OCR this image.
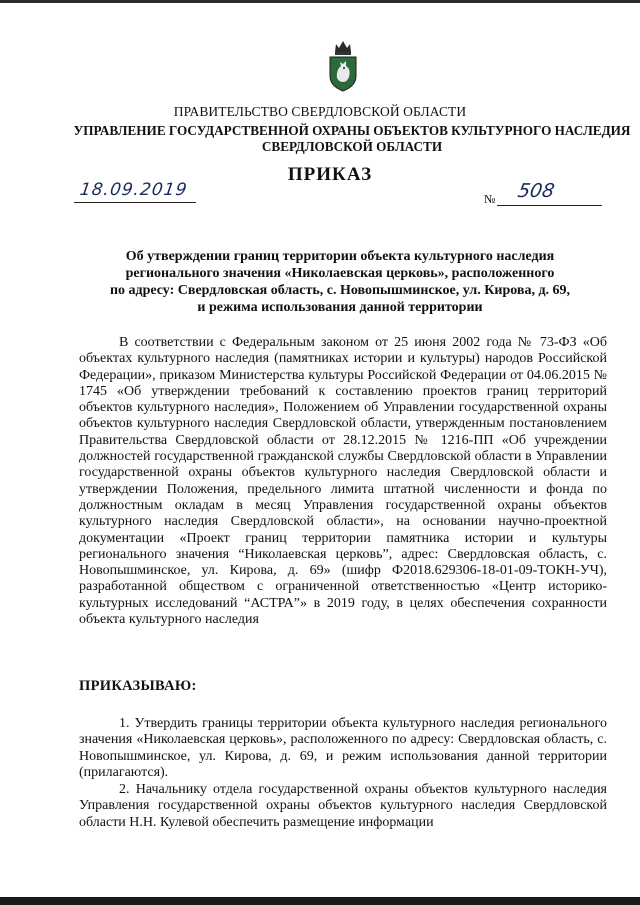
ПРАВИТЕЛЬСТВО СВЕРДЛОВСКОЙ ОБЛАСТИ
УПРАВЛЕНИЕ ГОСУДАРСТВЕННОЙ ОХРАНЫ ОБЪЕКТОВ КУЛЬТУРНОГО НАСЛЕДИЯ СВЕРДЛОВСКОЙ ОБЛАСТИ
ПРИКАЗ
18.09.2019	№ 508
Об утверждении границ территории объекта культурного наследия
регионального значения «Николаевская церковь», расположенного
по адресу: Свердловская область, с. Новопышминское, ул. Кирова, д. 69,
и режима использования данной территории
В соответствии с Федеральным законом от 25 июня 2002 года № 73-ФЗ «Об объектах культурного наследия (памятниках истории и культуры) народов Российской Федерации», приказом Министерства культуры Российской Федерации от 04.06.2015 № 1745 «Об утверждении требований к составлению проектов границ территорий объектов культурного наследия», Положением об Управлении государственной охраны объектов культурного наследия Свердловской области, утвержденным постановлением Правительства Свердловской области от 28.12.2015 № 1216-ПП «Об учреждении должностей государственной гражданской службы Свердловской области в Управлении государственной охраны объектов культурного наследия Свердловской области и утверждении Положения, предельного лимита штатной численности и фонда по должностным окладам в месяц Управления государственной охраны объектов культурного наследия Свердловской области», на основании научно-проектной документации «Проект границ территории памятника истории и культуры регионального значения “Николаевская церковь”, адрес: Свердловская область, с. Новопышминское, ул. Кирова, д. 69» (шифр Ф2018.629306-18-01-09-ТОКН-УЧ), разработанной обществом с ограниченной ответственностью «Центр историко-культурных исследований “АСТРА”» в 2019 году, в целях обеспечения сохранности объекта культурного наследия
ПРИКАЗЫВАЮ:
1. Утвердить границы территории объекта культурного наследия регионального значения «Николаевская церковь», расположенного по адресу: Свердловская область, с. Новопышминское, ул. Кирова, д. 69, и режим использования данной территории (прилагаются).
2. Начальнику отдела государственной охраны объектов культурного наследия Управления государственной охраны объектов культурного наследия Свердловской области Н.Н. Кулевой обеспечить размещение информации
